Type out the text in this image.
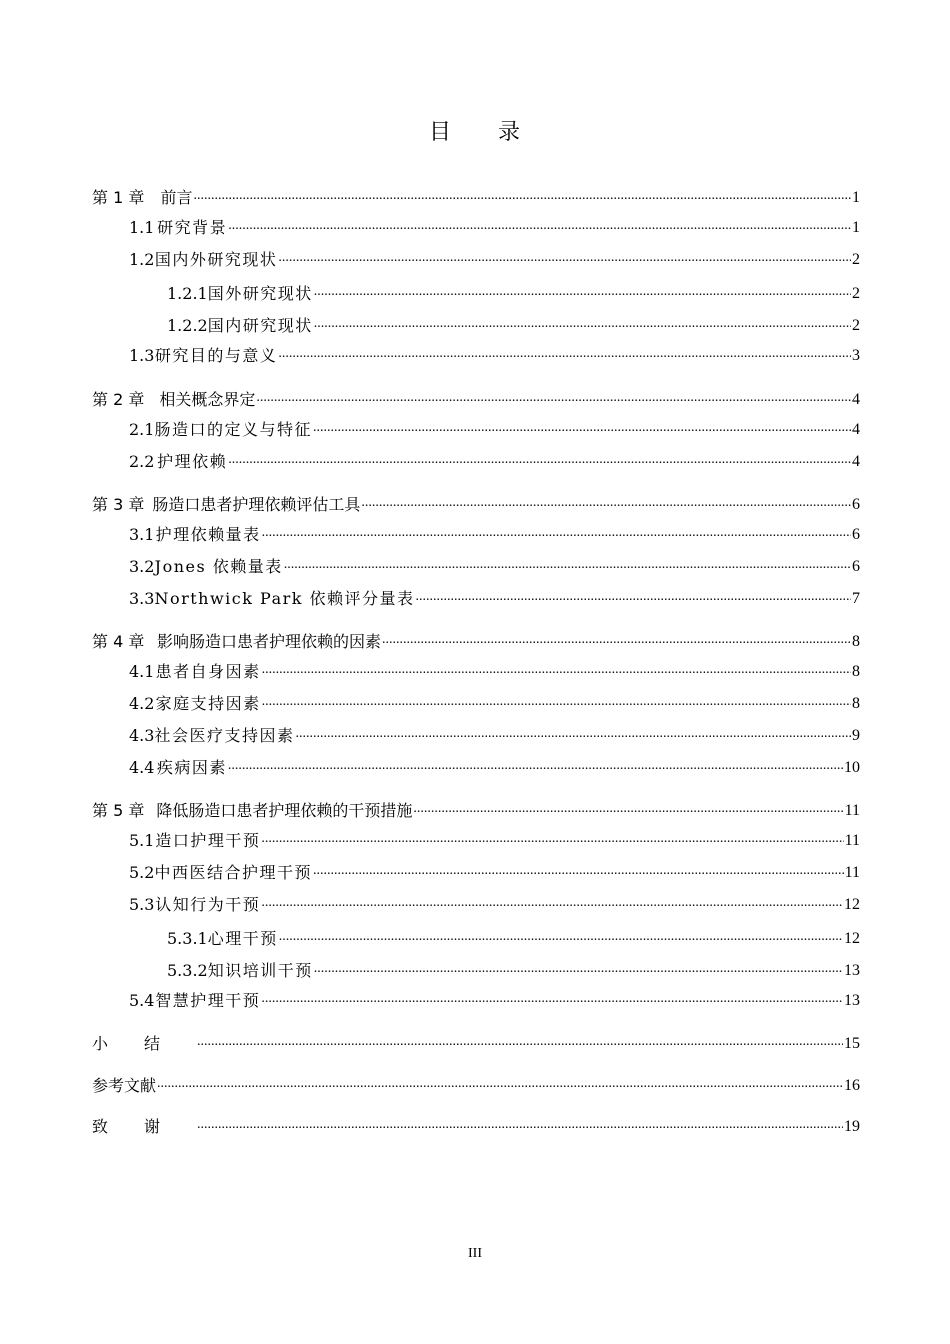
目 录
第 1 章 前言 .....	1
1.1 研究背景 .....	1
1.2 国内外研究现状 .....	2
1.2.1 国外研究现状 .....	2
1.2.2 国内研究现状 .....	2
1.3 研究目的与意义 .....	3
第 2 章 相关概念界定 .....	4
2.1 肠造口的定义与特征 .....	4
2.2 护理依赖 .....	4
第 3 章 肠造口患者护理依赖评估工具 .....	6
3.1 护理依赖量表 .....	6
3.2 Jones 依赖量表 .....	6
3.3 Northwick Park 依赖评分量表 .....	7
第 4 章 影响肠造口患者护理依赖的因素 .....	8
4.1 患者自身因素 .....	8
4.2 家庭支持因素 .....	8
4.3 社会医疗支持因素 .....	9
4.4 疾病因素 .....	10
第 5 章 降低肠造口患者护理依赖的干预措施 .....	11
5.1 造口护理干预 .....	11
5.2 中西医结合护理干预 .....	11
5.3 认知行为干预 .....	12
5.3.1 心理干预 .....	12
5.3.2 知识培训干预 .....	13
5.4 智慧护理干预 .....	13
小结 .....	15
参考文献 .....	16
致谢 .....	19
III
